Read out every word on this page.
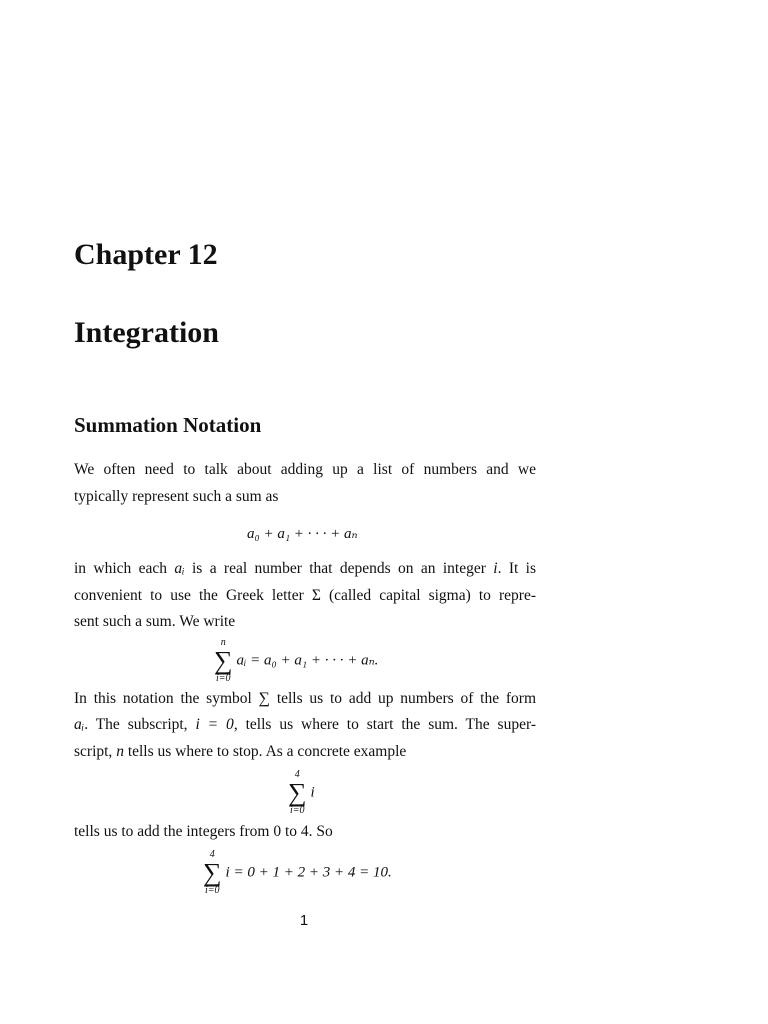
Chapter 12
Integration
Summation Notation

We often need to talk about adding up a list of numbers and we

typically represent such a sum as

a₀ + a₁ + · · · + aₙ

in which each aᵢ is a real number that depends on an integer i. It is

convenient to use the Greek letter Σ (called capital sigma) to repre-

sent such a sum. We write

n
∑
i=0
aᵢ = a₀ + a₁ + · · · + aₙ.

In this notation the symbol ∑ tells us to add up numbers of the form

aᵢ. The subscript, i = 0, tells us where to start the sum. The super-

script, n tells us where to stop. As a concrete example

4
∑
i=0
i

tells us to add the integers from 0 to 4. So

4
∑
i=0
i = 0 + 1 + 2 + 3 + 4 = 10.
1
